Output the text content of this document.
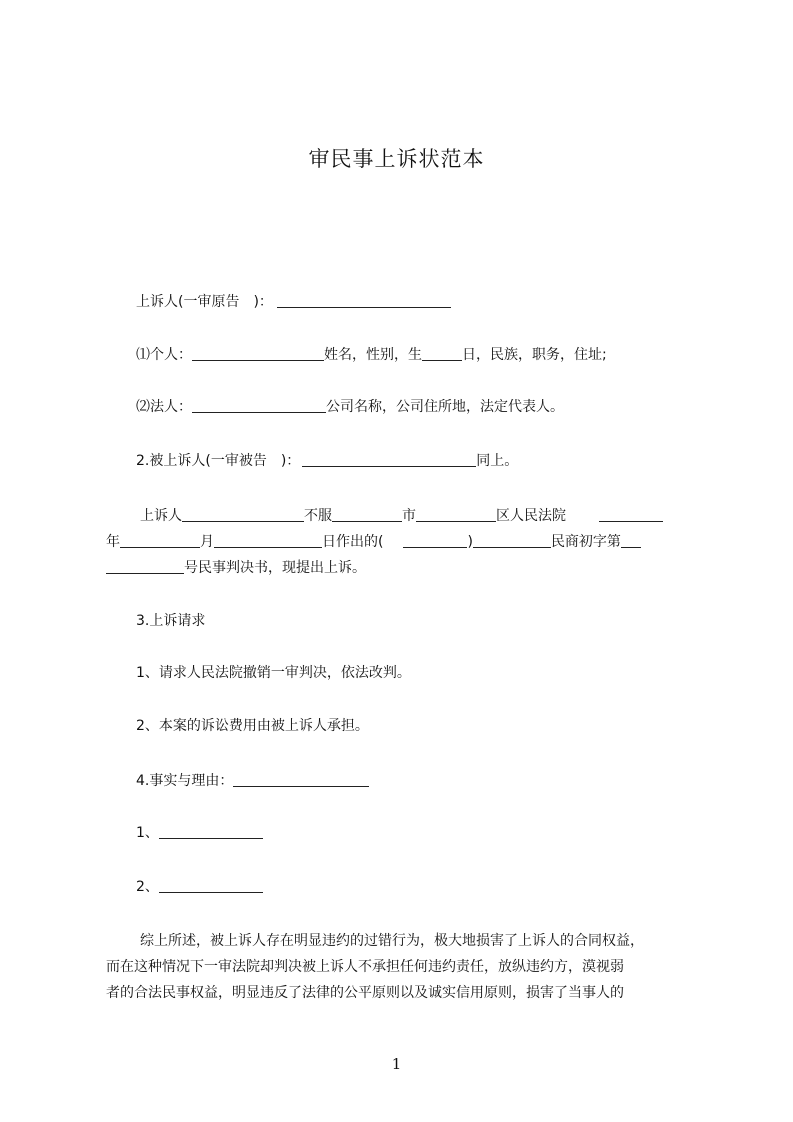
审民事上诉状范本
上诉人(一审原告　)：
⑴个人：	姓名，性别，生	日，民族，职务，住址;
⑵法人：	公司名称，公司住所地，法定代表人。
2.被上诉人(一审被告　)：	同上。
上诉人	不服	市	区人民法院
年	月	日作出的(	)	民商初字第
号民事判决书，现提出上诉。
3.上诉请求
1、请求人民法院撤销一审判决，依法改判。
2、本案的诉讼费用由被上诉人承担。
4.事实与理由：
1、
2、
综上所述，被上诉人存在明显违约的过错行为，极大地损害了上诉人的合同权益，
而在这种情况下一审法院却判决被上诉人不承担任何违约责任，放纵违约方，漠视弱
者的合法民事权益，明显违反了法律的公平原则以及诚实信用原则，损害了当事人的
1
